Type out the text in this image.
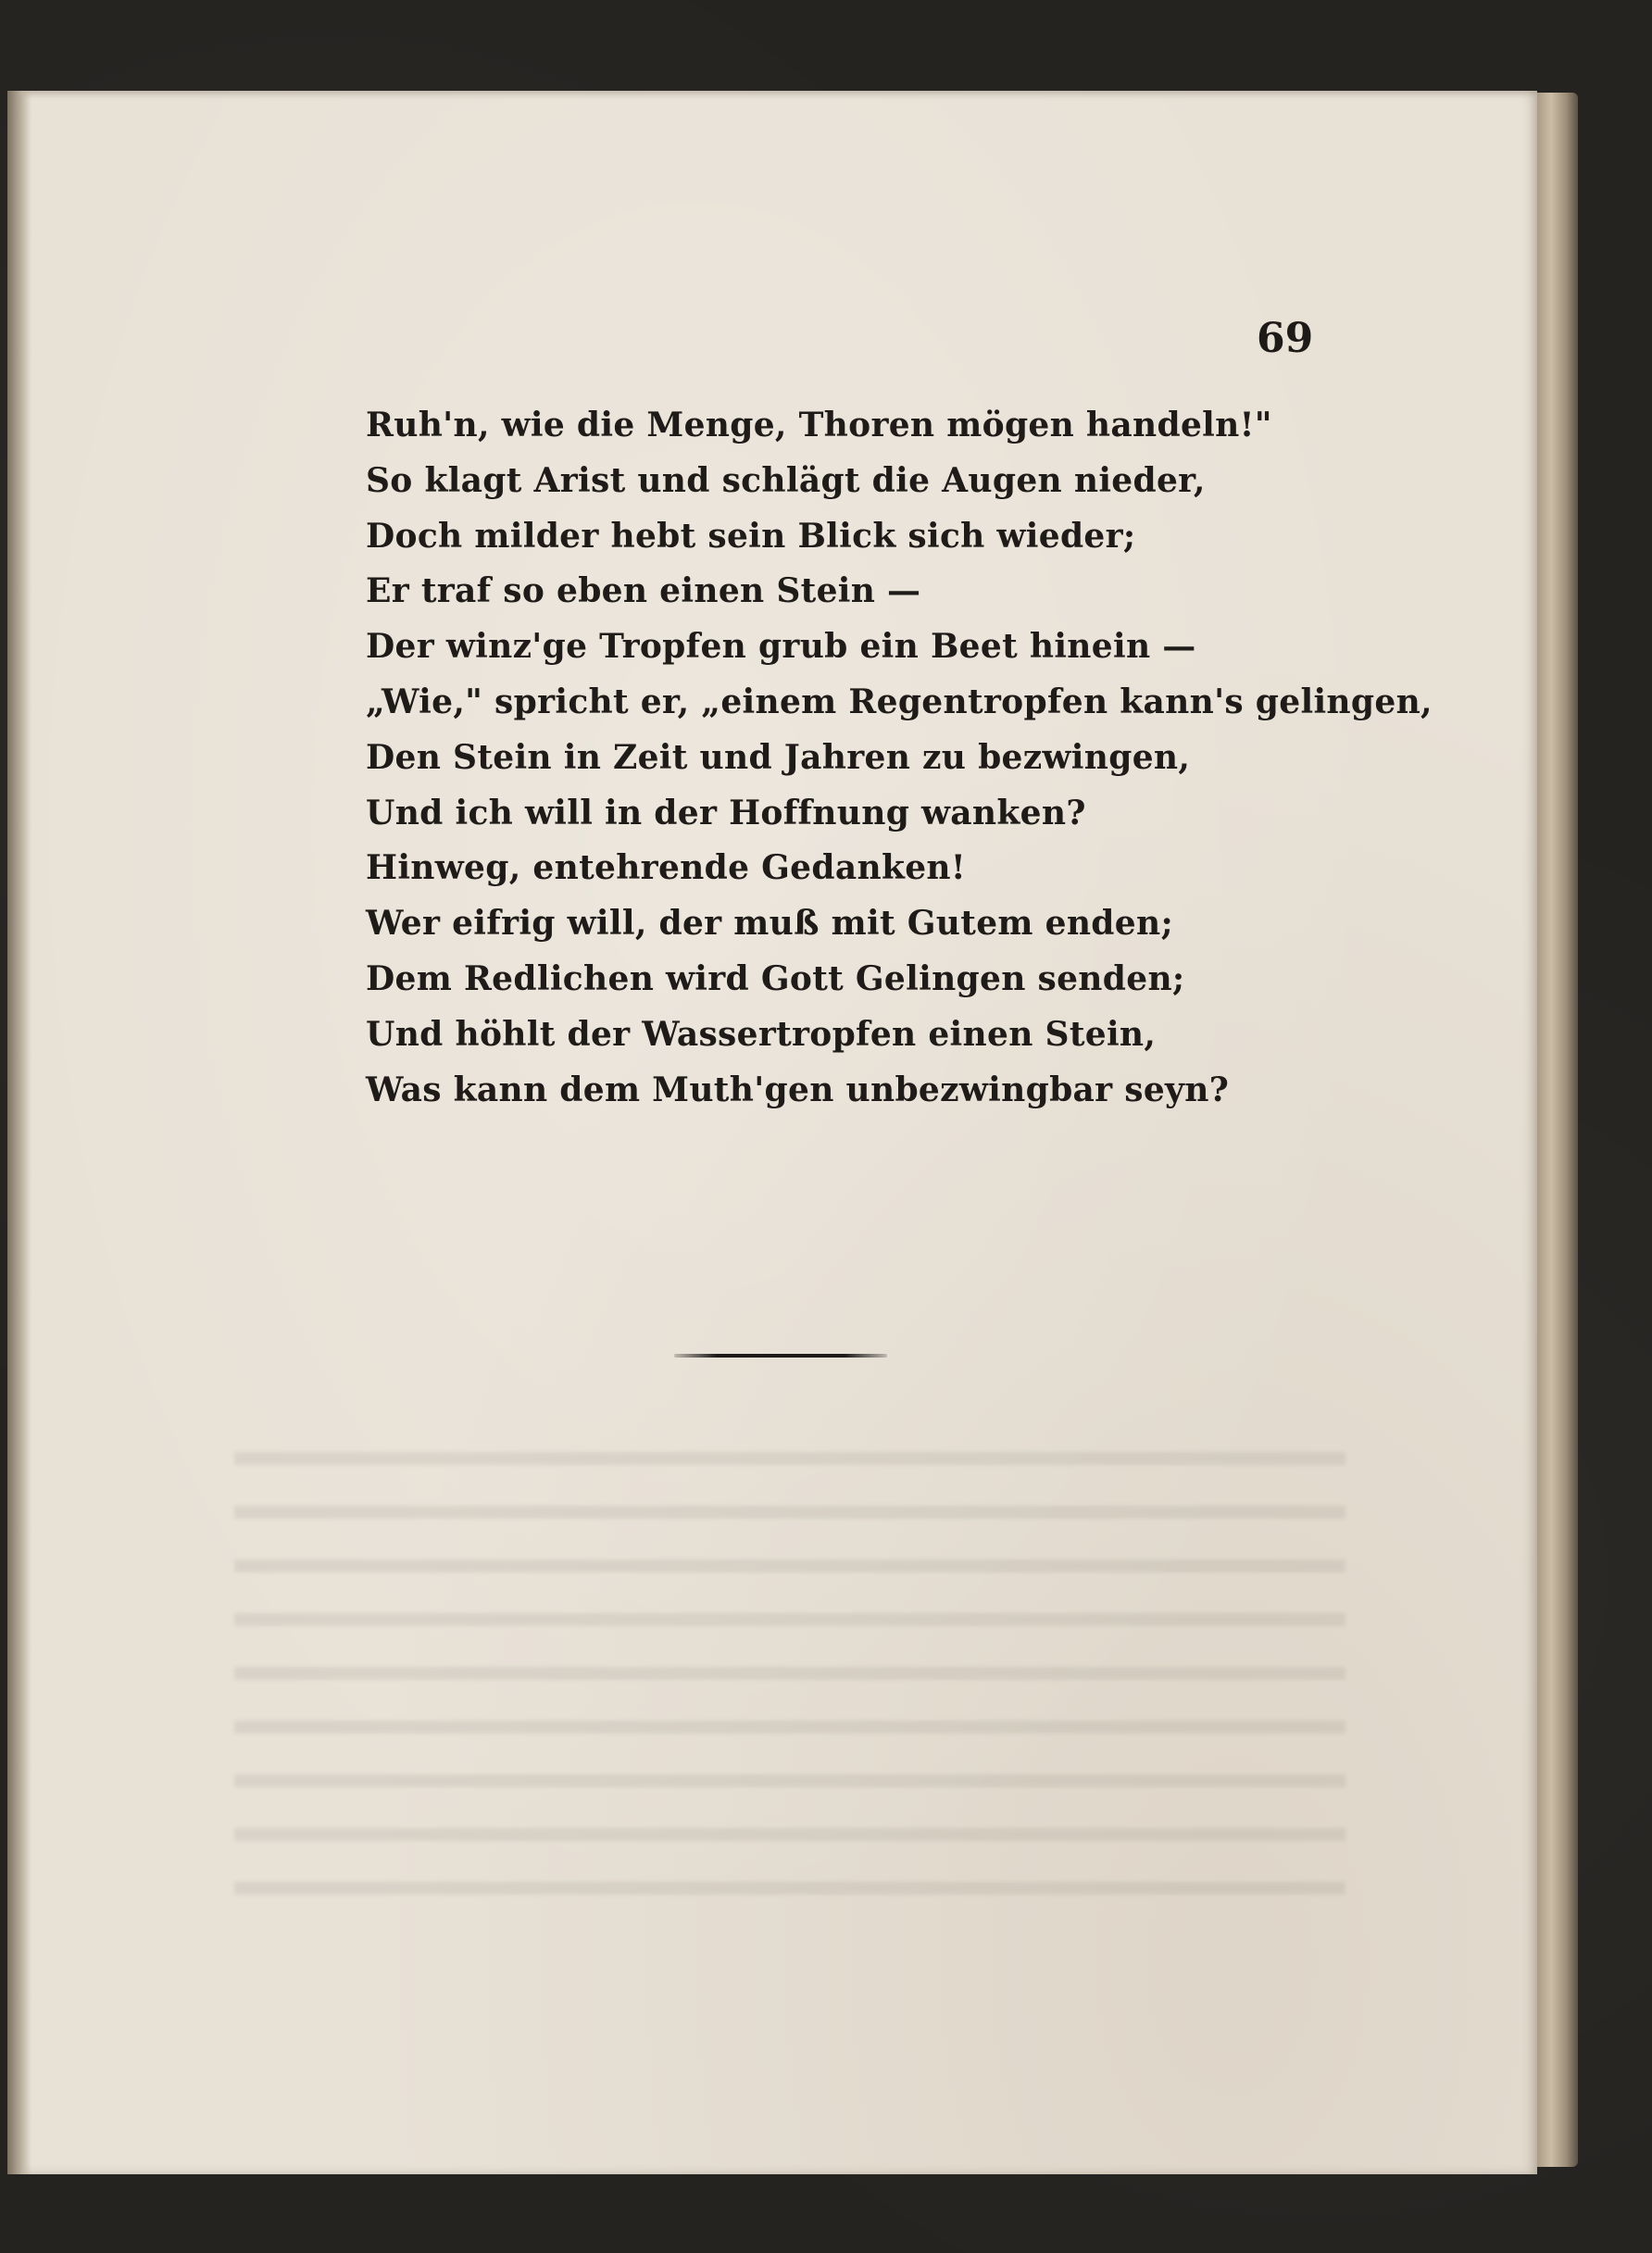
69

Ruh'n, wie die Menge, Thoren mögen handeln!"
So klagt Arist und schlägt die Augen nieder,
Doch milder hebt sein Blick sich wieder;
Er traf so eben einen Stein —
Der winz'ge Tropfen grub ein Beet hinein —
„Wie," spricht er, „einem Regentropfen kann's gelingen,
Den Stein in Zeit und Jahren zu bezwingen,
Und ich will in der Hoffnung wanken?
Hinweg, entehrende Gedanken!
Wer eifrig will, der muß mit Gutem enden;
Dem Redlichen wird Gott Gelingen senden;
Und höhlt der Wassertropfen einen Stein,
Was kann dem Muth'gen unbezwingbar seyn?
